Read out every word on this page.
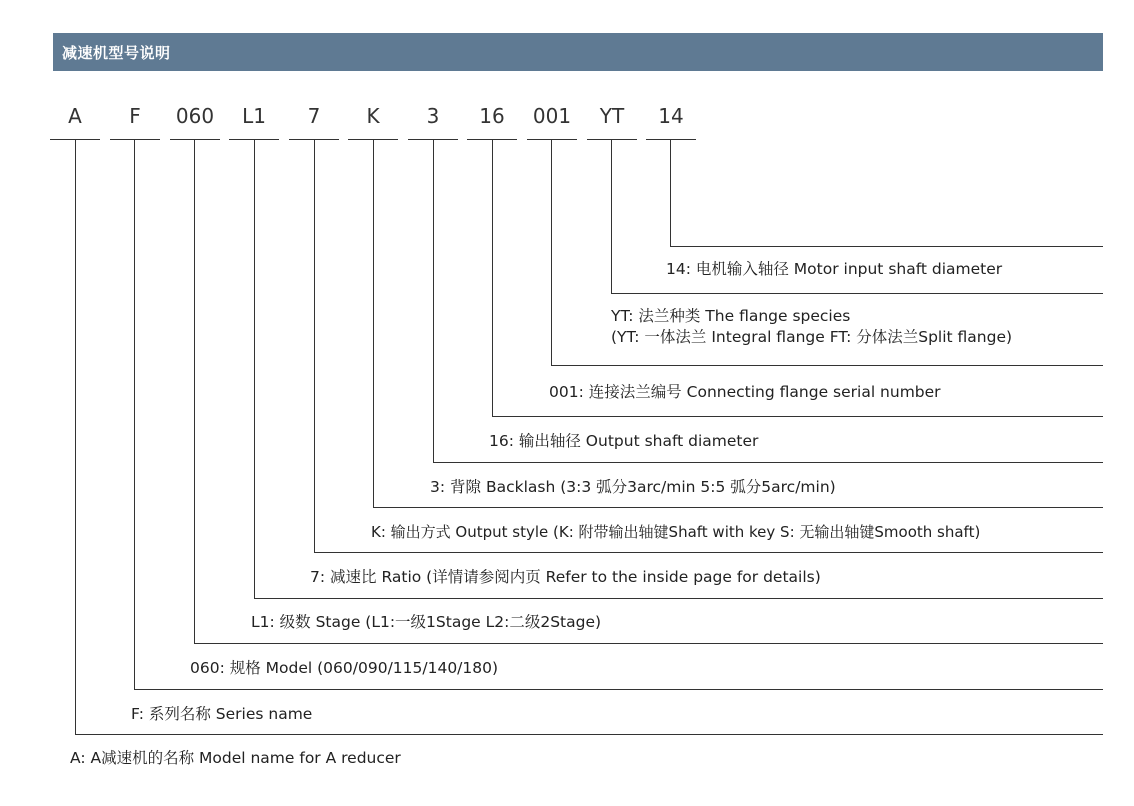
减速机型号说明
A	F	060	L1	7	K	3	16	001	YT	14
14: 电机输入轴径 Motor input shaft diameter
YT: 法兰种类 The flange species
(YT: 一体法兰 Integral flange FT: 分体法兰Split flange)
001: 连接法兰编号 Connecting flange serial number
16: 输出轴径 Output shaft diameter
3: 背隙 Backlash (3:3 弧分3arc/min 5:5 弧分5arc/min)
K: 输出方式 Output style (K: 附带输出轴键Shaft with key S: 无输出轴键Smooth shaft)
7: 减速比 Ratio (详情请参阅内页 Refer to the inside page for details)
L1: 级数 Stage (L1:一级1Stage L2:二级2Stage)
060: 规格 Model (060/090/115/140/180)
F: 系列名称 Series name
A: A减速机的名称 Model name for A reducer
